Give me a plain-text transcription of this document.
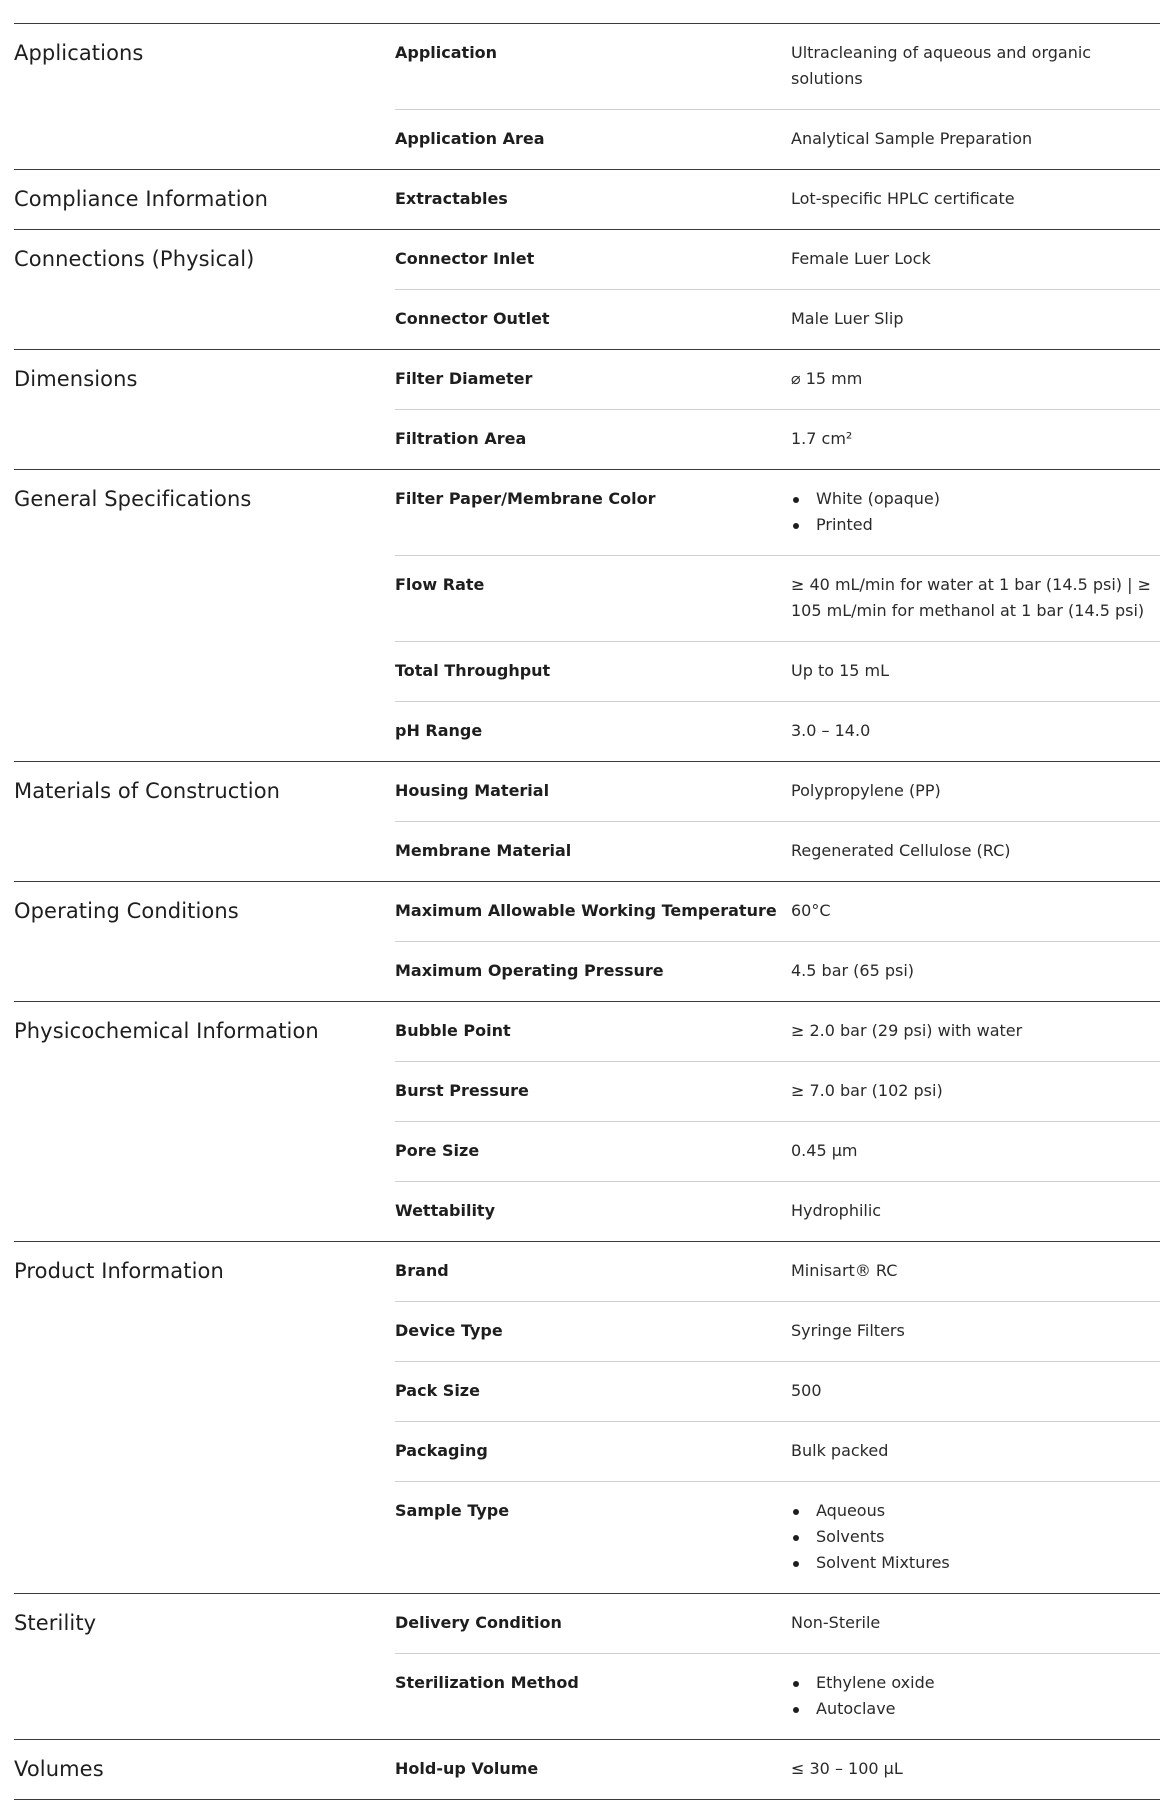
Applications	Application	Ultracleaning of aqueous and organic solutions
Application Area	Analytical Sample Preparation
Compliance Information	Extractables	Lot-specific HPLC certificate
Connections (Physical)	Connector Inlet	Female Luer Lock
Connector Outlet	Male Luer Slip
Dimensions	Filter Diameter	⌀ 15 mm
Filtration Area	1.7 cm²
General Specifications	Filter Paper/Membrane Color	White (opaque)
Printed
Flow Rate	≥ 40 mL/min for water at 1 bar (14.5 psi) | ≥ 105 mL/min for methanol at 1 bar (14.5 psi)
Total Throughput	Up to 15 mL
pH Range	3.0 – 14.0
Materials of Construction	Housing Material	Polypropylene (PP)
Membrane Material	Regenerated Cellulose (RC)
Operating Conditions	Maximum Allowable Working Temperature 60°C
Maximum Operating Pressure	4.5 bar (65 psi)
Physicochemical Information	Bubble Point	≥ 2.0 bar (29 psi) with water
Burst Pressure	≥ 7.0 bar (102 psi)
Pore Size	0.45 µm
Wettability	Hydrophilic
Product Information	Brand	Minisart® RC
Device Type	Syringe Filters
Pack Size	500
Packaging	Bulk packed
Sample Type	Aqueous
Solvents
Solvent Mixtures
Sterility	Delivery Condition	Non-Sterile
Sterilization Method	Ethylene oxide
Autoclave
Volumes	Hold-up Volume	≤ 30 – 100 µL
